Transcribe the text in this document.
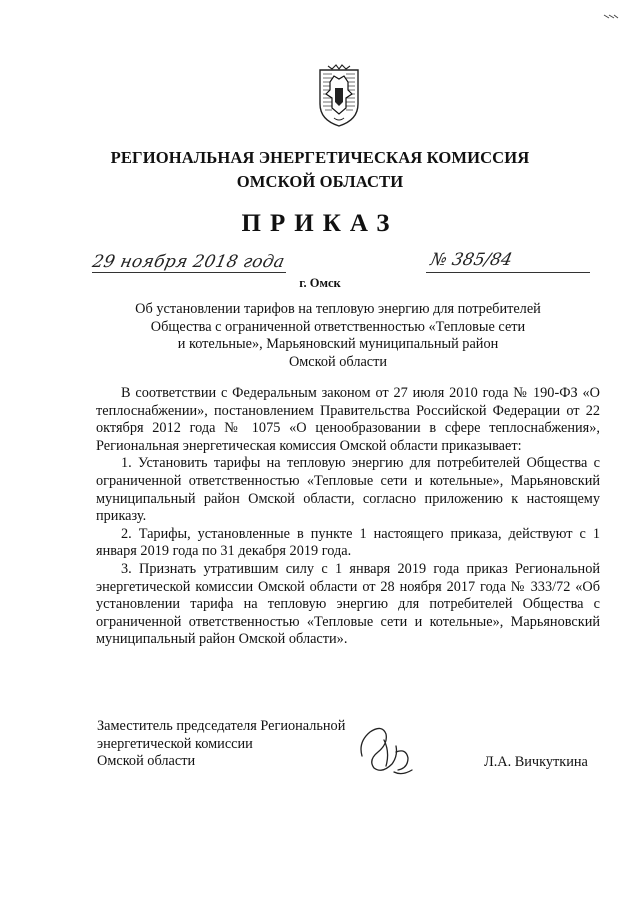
РЕГИОНАЛЬНАЯ ЭНЕРГЕТИЧЕСКАЯ КОМИССИЯ
ОМСКОЙ ОБЛАСТИ
ПРИКАЗ
29 ноября 2018 года	№ 385/84
г. Омск
Об установлении тарифов на тепловую энергию для потребителей
Общества с ограниченной ответственностью «Тепловые сети
и котельные», Марьяновский муниципальный район
Омской области

В соответствии с Федеральным законом от 27 июля 2010 года № 190-ФЗ «О теплоснабжении», постановлением Правительства Российской Федерации от 22 октября 2012 года № 1075 «О ценообразовании в сфере теплоснабжения», Региональная энергетическая комиссия Омской области приказывает:

1. Установить тарифы на тепловую энергию для потребителей Общества с ограниченной ответственностью «Тепловые сети и котельные», Марьяновский муниципальный район Омской области, согласно приложению к настоящему приказу.

2. Тарифы, установленные в пункте 1 настоящего приказа, действуют с 1 января 2019 года по 31 декабря 2019 года.

3. Признать утратившим силу с 1 января 2019 года приказ Региональной энергетической комиссии Омской области от 28 ноября 2017 года № 333/72 «Об установлении тарифа на тепловую энергию для потребителей Общества с ограниченной ответственностью «Тепловые сети и котельные», Марьяновский муниципальный район Омской области».

Заместитель председателя Региональной
энергетической комиссии
Омской области	Л.А. Вичкуткина
